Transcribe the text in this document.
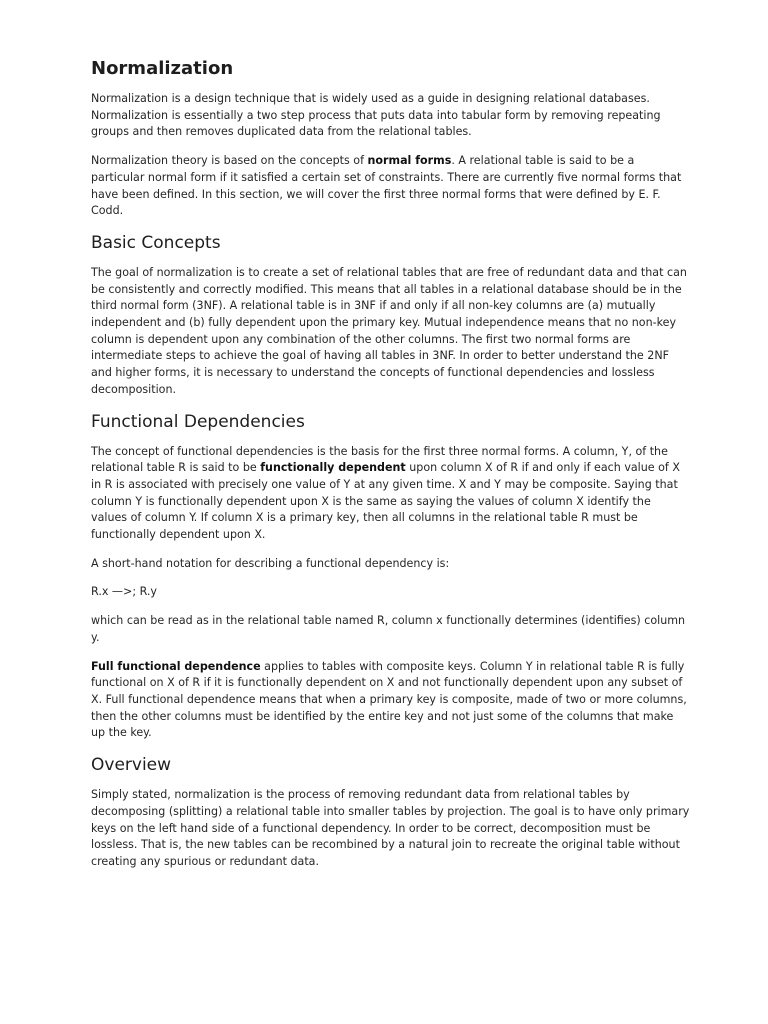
Normalization

Normalization is a design technique that is widely used as a guide in designing relational databases. Normalization is essentially a two step process that puts data into tabular form by removing repeating groups and then removes duplicated data from the relational tables.

Normalization theory is based on the concepts of normal forms. A relational table is said to be a particular normal form if it satisfied a certain set of constraints. There are currently five normal forms that have been defined. In this section, we will cover the first three normal forms that were defined by E. F. Codd.

Basic Concepts

The goal of normalization is to create a set of relational tables that are free of redundant data and that can be consistently and correctly modified. This means that all tables in a relational database should be in the third normal form (3NF). A relational table is in 3NF if and only if all non-key columns are (a) mutually independent and (b) fully dependent upon the primary key. Mutual independence means that no non-key column is dependent upon any combination of the other columns. The first two normal forms are intermediate steps to achieve the goal of having all tables in 3NF. In order to better understand the 2NF and higher forms, it is necessary to understand the concepts of functional dependencies and lossless decomposition.

Functional Dependencies

The concept of functional dependencies is the basis for the first three normal forms. A column, Y, of the relational table R is said to be functionally dependent upon column X of R if and only if each value of X in R is associated with precisely one value of Y at any given time. X and Y may be composite. Saying that column Y is functionally dependent upon X is the same as saying the values of column X identify the values of column Y. If column X is a primary key, then all columns in the relational table R must be functionally dependent upon X.

A short-hand notation for describing a functional dependency is:

R.x —>; R.y

which can be read as in the relational table named R, column x functionally determines (identifies) column y.

Full functional dependence applies to tables with composite keys. Column Y in relational table R is fully functional on X of R if it is functionally dependent on X and not functionally dependent upon any subset of X. Full functional dependence means that when a primary key is composite, made of two or more columns, then the other columns must be identified by the entire key and not just some of the columns that make up the key.

Overview

Simply stated, normalization is the process of removing redundant data from relational tables by decomposing (splitting) a relational table into smaller tables by projection. The goal is to have only primary keys on the left hand side of a functional dependency. In order to be correct, decomposition must be lossless. That is, the new tables can be recombined by a natural join to recreate the original table without creating any spurious or redundant data.
